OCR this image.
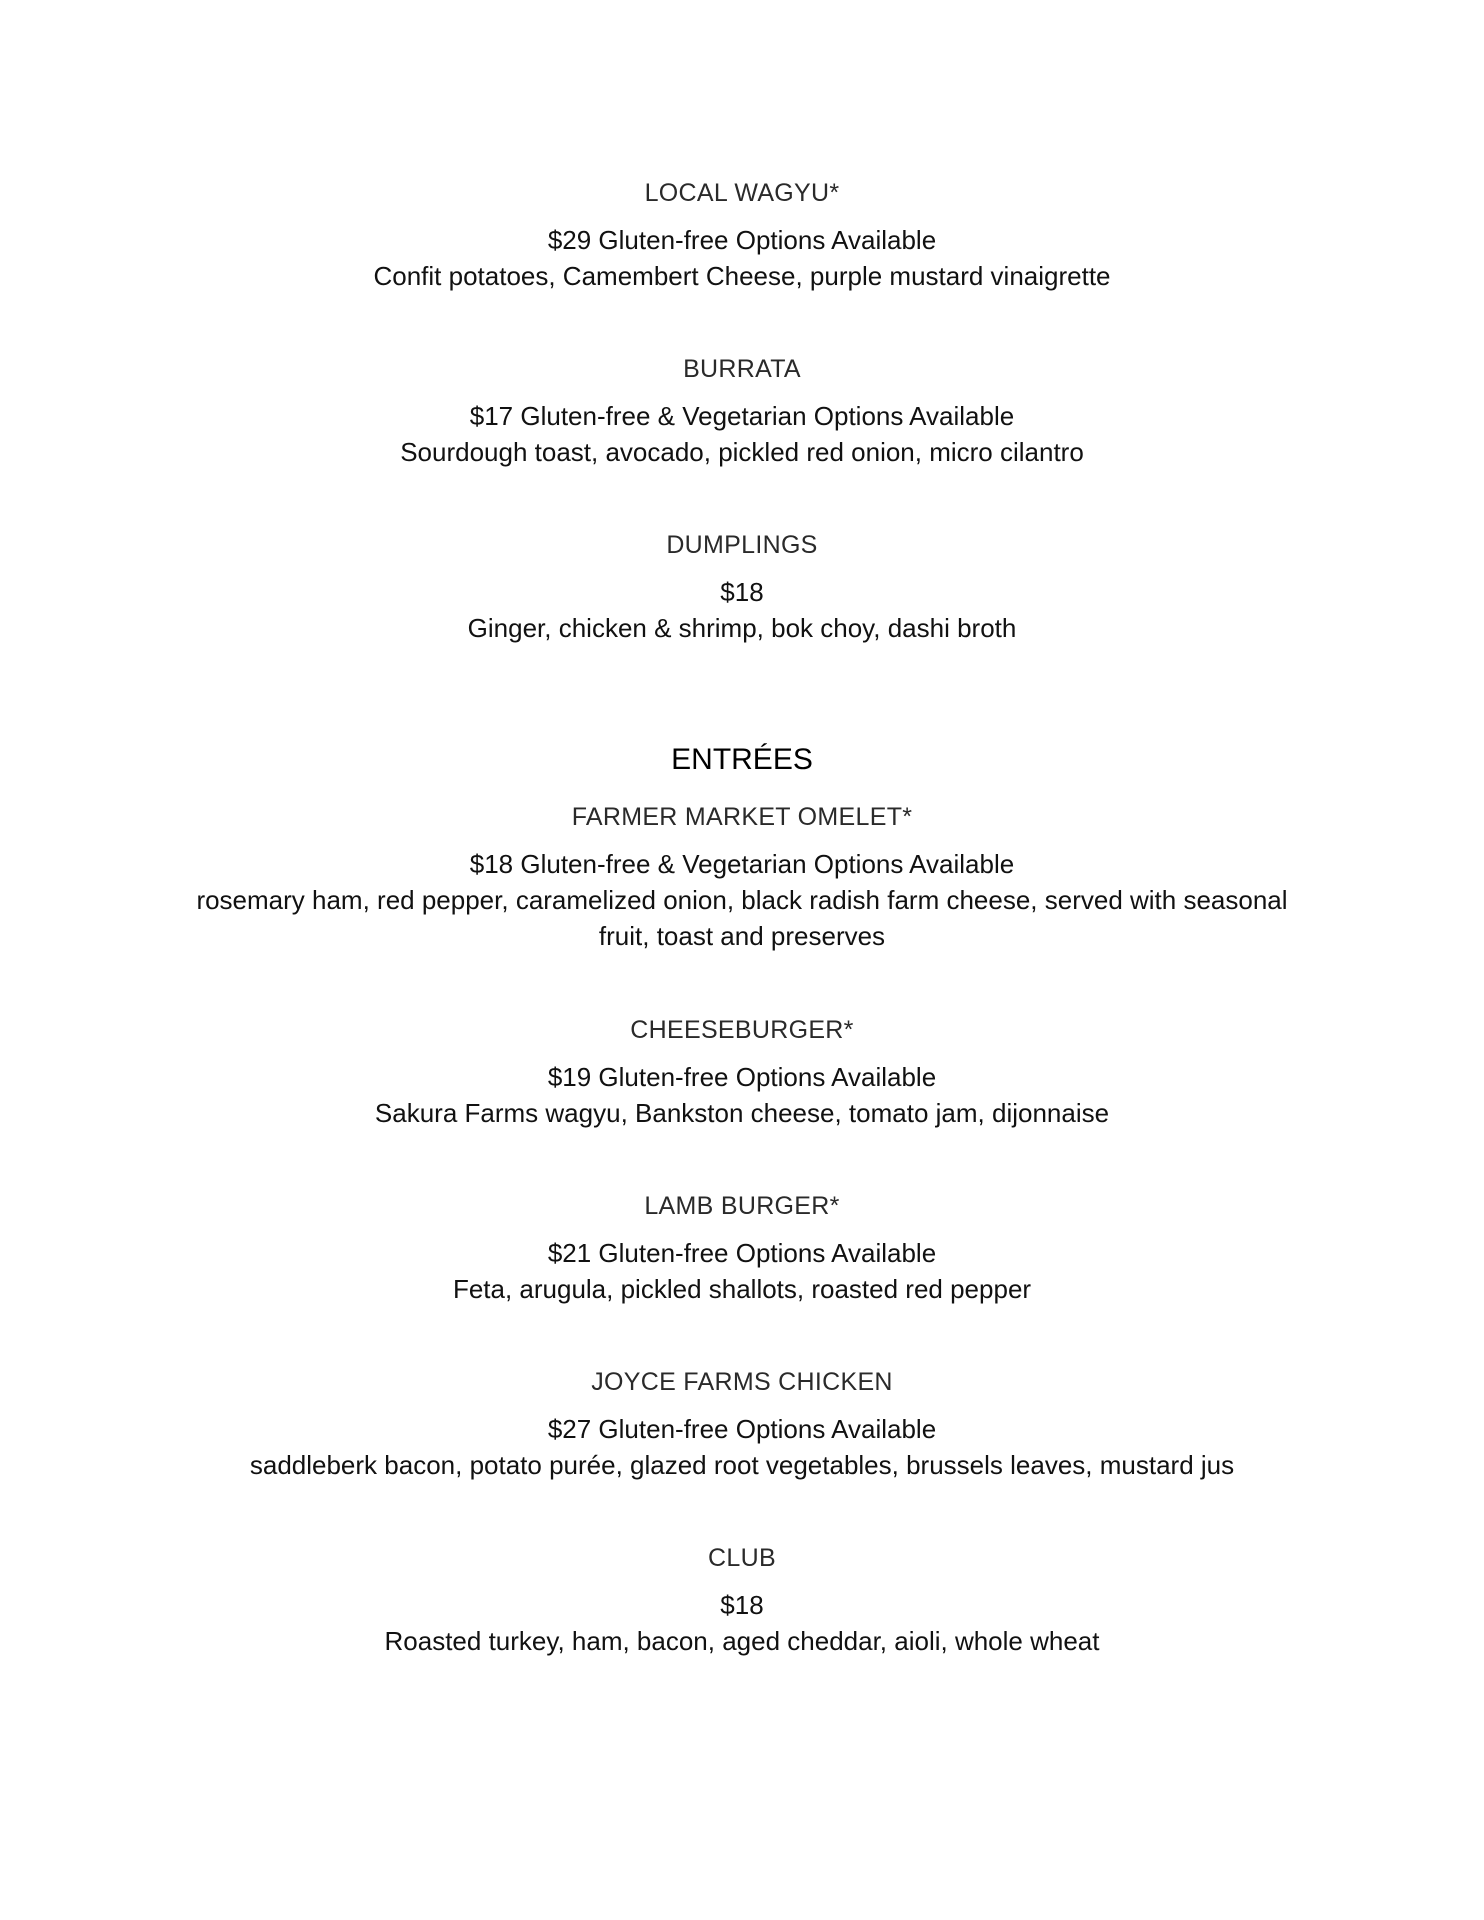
LOCAL WAGYU*
$29 Gluten-free Options Available
Confit potatoes, Camembert Cheese, purple mustard vinaigrette
BURRATA
$17 Gluten-free & Vegetarian Options Available
Sourdough toast, avocado, pickled red onion, micro cilantro
DUMPLINGS
$18
Ginger, chicken & shrimp, bok choy, dashi broth
ENTRÉES
FARMER MARKET OMELET*
$18 Gluten-free & Vegetarian Options Available
rosemary ham, red pepper, caramelized onion, black radish farm cheese, served with seasonal fruit, toast and preserves
CHEESEBURGER*
$19 Gluten-free Options Available
Sakura Farms wagyu, Bankston cheese, tomato jam, dijonnaise
LAMB BURGER*
$21 Gluten-free Options Available
Feta, arugula, pickled shallots, roasted red pepper
JOYCE FARMS CHICKEN
$27 Gluten-free Options Available
saddleberk bacon, potato purée, glazed root vegetables, brussels leaves, mustard jus
CLUB
$18
Roasted turkey, ham, bacon, aged cheddar, aioli, whole wheat
